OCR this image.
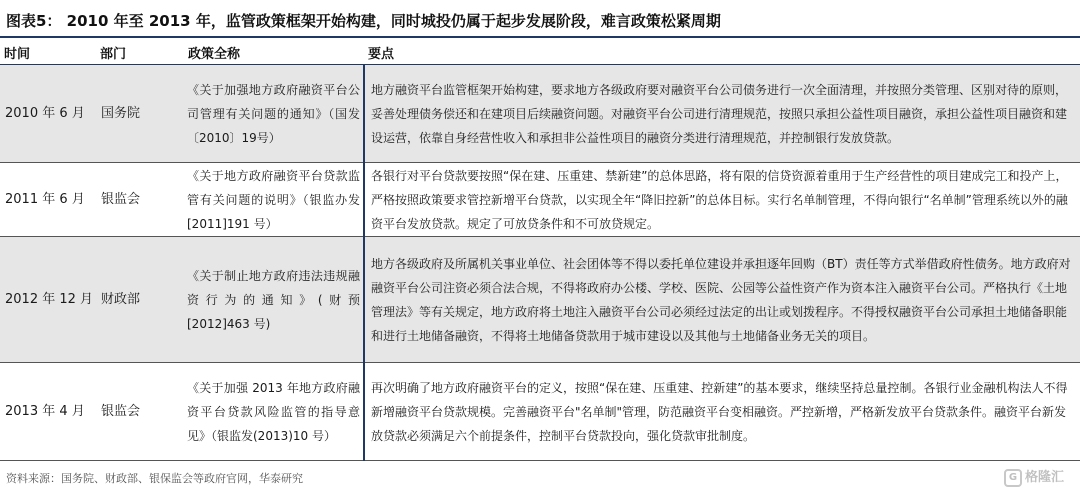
图表5： 2010 年至 2013 年，监管政策框架开始构建，同时城投仍属于起步发展阶段，难言政策松紧周期
时间	部门	政策全称	要点
2010 年 6 月	国务院	《关于加强地方政府融资平台公司管理有关问题的通知》（国发〔2010〕19号）	地方融资平台监管框架开始构建，要求地方各级政府要对融资平台公司债务进行一次全面清理，并按照分类管理、区别对待的原则，妥善处理债务偿还和在建项目后续融资问题。对融资平台公司进行清理规范，按照只承担公益性项目融资，承担公益性项目融资和建设运营，依靠自身经营性收入和承担非公益性项目的融资分类进行清理规范，并控制银行发放贷款。
2011 年 6 月	银监会	《关于地方政府融资平台贷款监管有关问题的说明》（银监办发[2011]191 号）	各银行对平台贷款要按照“保在建、压重建、禁新建”的总体思路，将有限的信贷资源着重用于生产经营性的项目建成完工和投产上，严格按照政策要求管控新增平台贷款，以实现全年“降旧控新”的总体目标。实行名单制管理，不得向银行“名单制”管理系统以外的融资平台发放贷款。规定了可放贷条件和不可放贷规定。
2012 年 12 月	财政部	《关于制止地方政府违法违规融资行为的通知》(财预[2012]463 号)	地方各级政府及所属机关事业单位、社会团体等不得以委托单位建设并承担逐年回购（BT）责任等方式举借政府性债务。地方政府对融资平台公司注资必须合法合规，不得将政府办公楼、学校、医院、公园等公益性资产作为资本注入融资平台公司。严格执行《土地管理法》等有关规定，地方政府将土地注入融资平台公司必须经过法定的出让或划拨程序。不得授权融资平台公司承担土地储备职能和进行土地储备融资，不得将土地储备贷款用于城市建设以及其他与土地储备业务无关的项目。
2013 年 4 月	银监会	《关于加强 2013 年地方政府融资平台贷款风险监管的指导意见》（银监发(2013)10 号）	再次明确了地方政府融资平台的定义，按照“保在建、压重建、控新建”的基本要求，继续坚持总量控制。各银行业金融机构法人不得新增融资平台贷款规模。完善融资平台"名单制"管理，防范融资平台变相融资。严控新增，严格新发放平台贷款条件。融资平台新发放贷款必须满足六个前提条件，控制平台贷款投向，强化贷款审批制度。
资料来源：国务院、财政部、银保监会等政府官网，华泰研究	G 格隆汇
